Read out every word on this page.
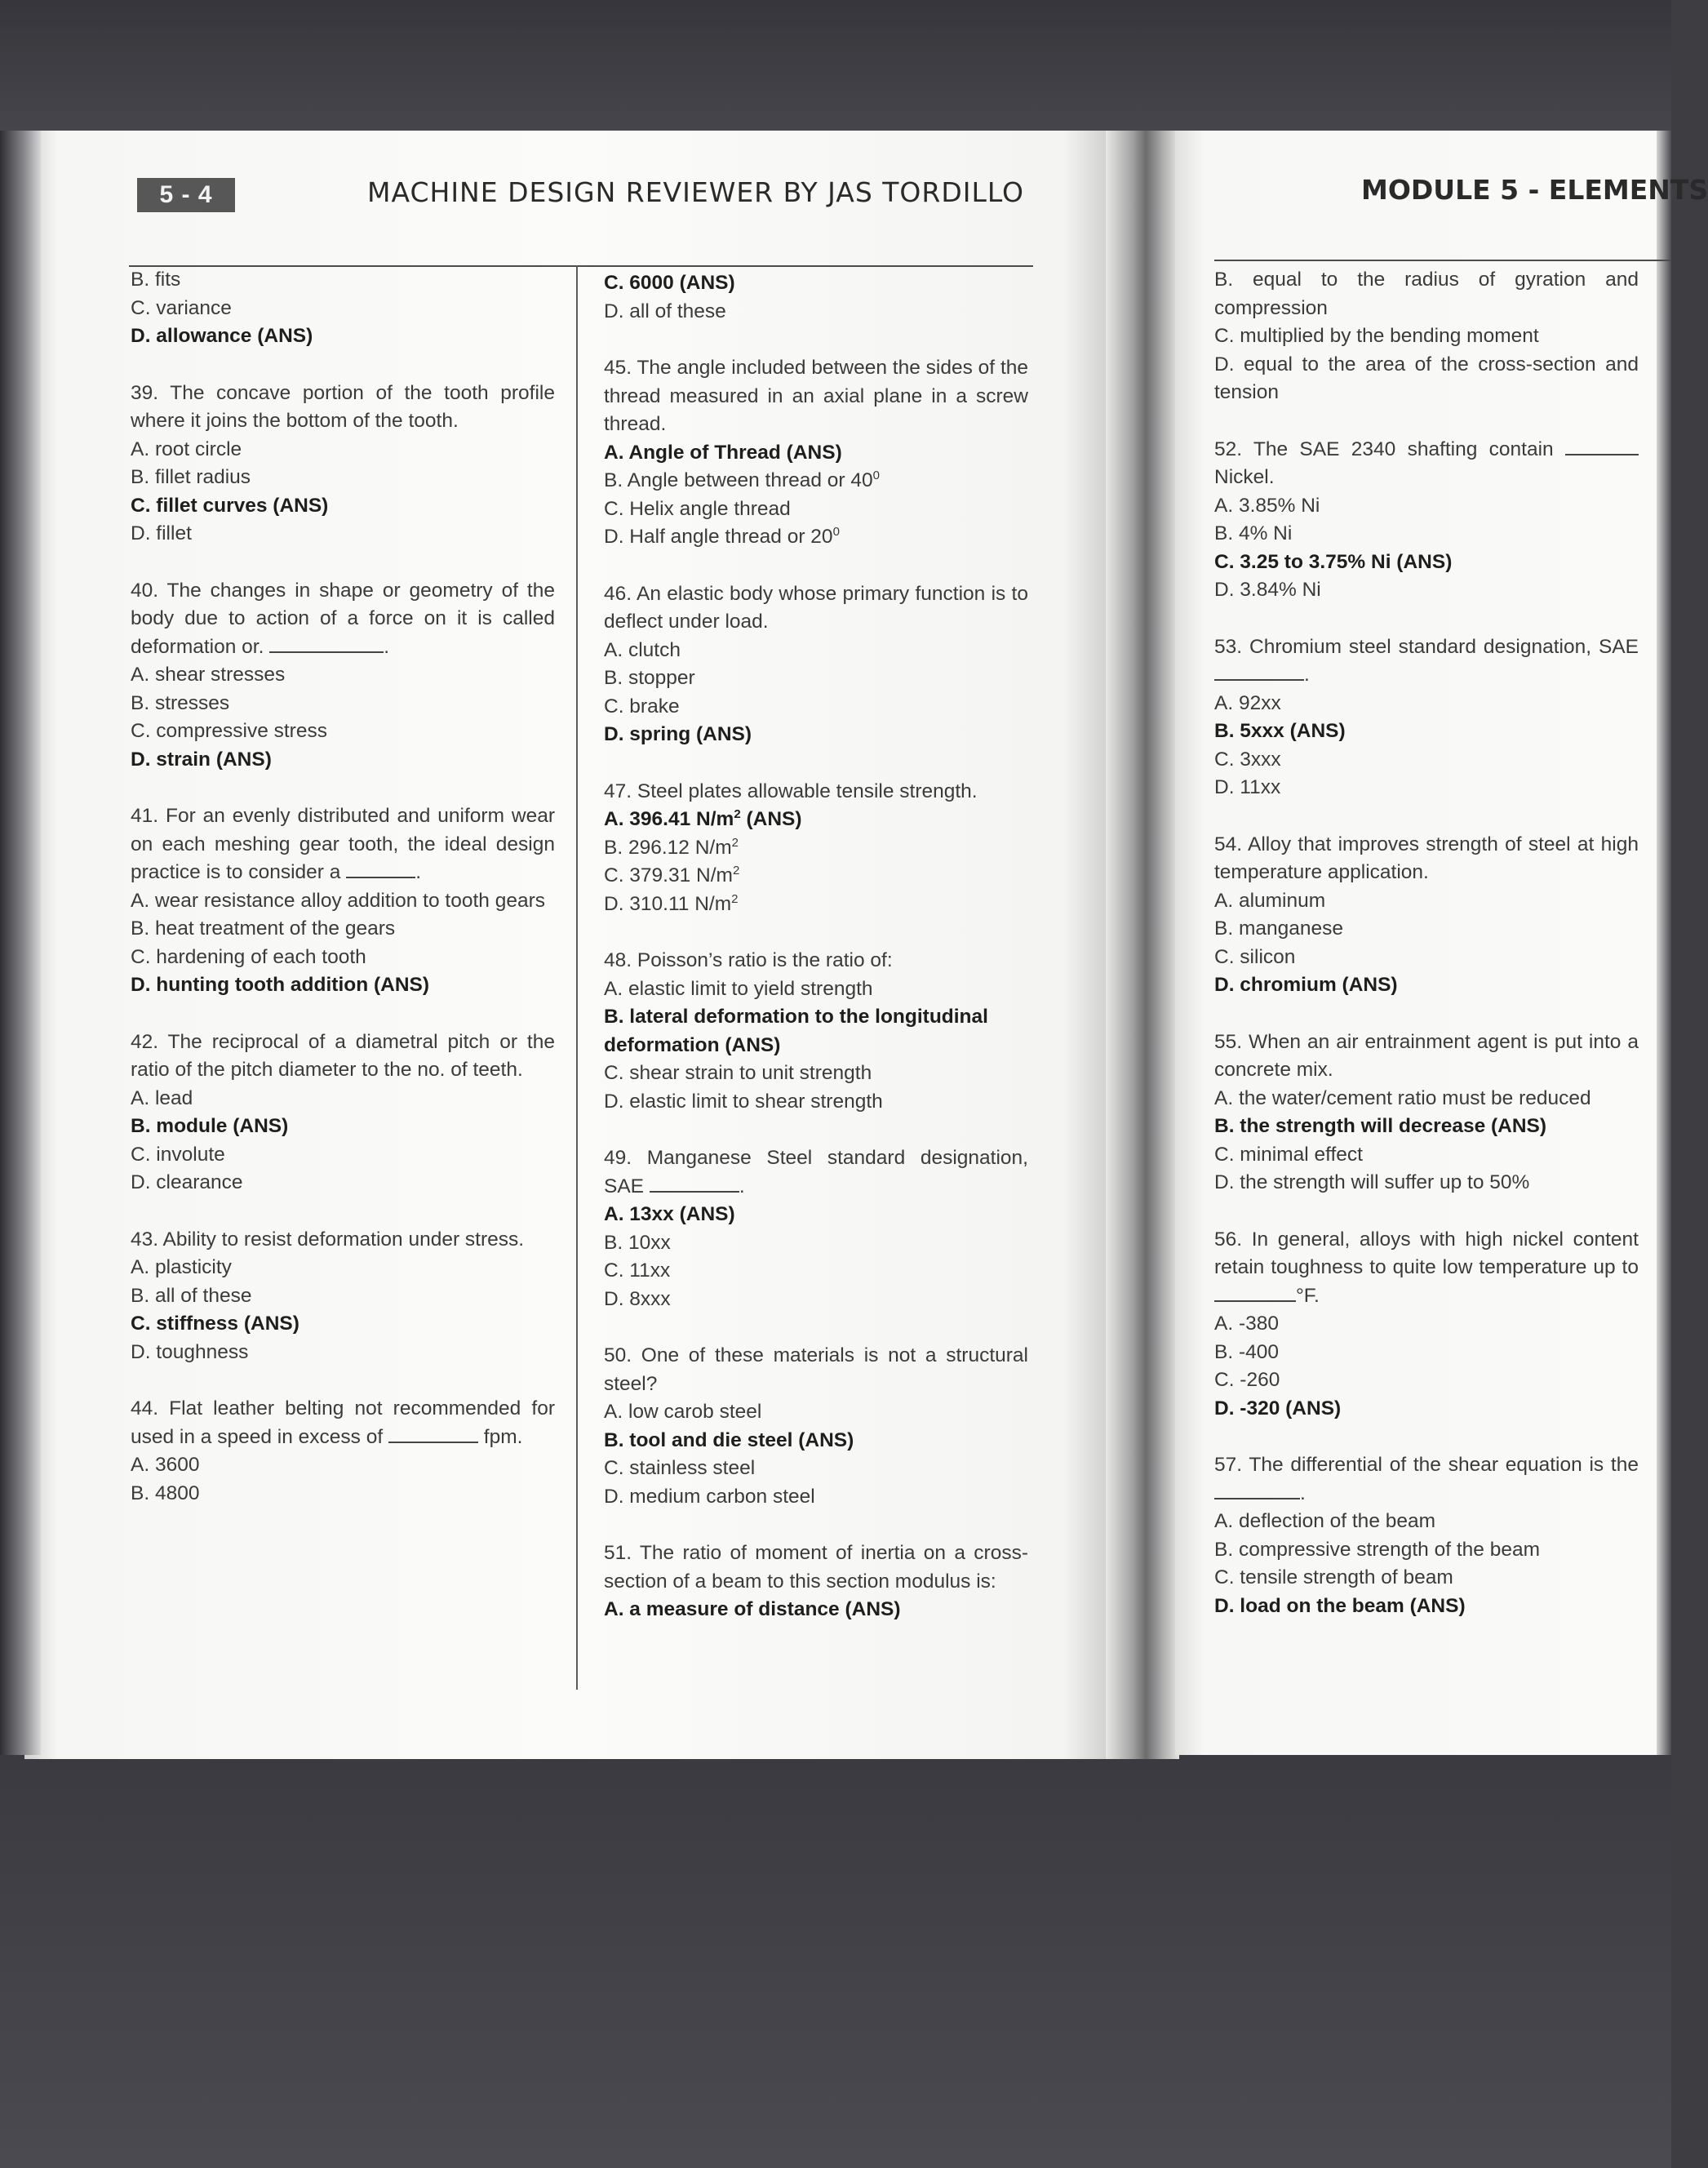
5 - 4	MACHINE DESIGN REVIEWER BY JAS TORDILLO	MODULE 5 - ELEMENTS

B. fits

C. variance

D. allowance (ANS)

39. The concave portion of the tooth profile where it joins the bottom of the tooth.

A. root circle

B. fillet radius

C. fillet curves (ANS)

D. fillet

40. The changes in shape or geometry of the body due to action of a force on it is called deformation or.	.

A. shear stresses

B. stresses

C. compressive stress

D. strain (ANS)

41. For an evenly distributed and uniform wear on each meshing gear tooth, the ideal design practice is to consider a	.

A. wear resistance alloy addition to tooth gears

B. heat treatment of the gears

C. hardening of each tooth

D. hunting tooth addition (ANS)

42. The reciprocal of a diametral pitch or the ratio of the pitch diameter to the no. of teeth.

A. lead

B. module (ANS)

C. involute

D. clearance

43. Ability to resist deformation under stress.

A. plasticity

B. all of these

C. stiffness (ANS)

D. toughness

44. Flat leather belting not recommended for used in a speed in excess of	fpm.

A. 3600

B. 4800

C. 6000 (ANS)

D. all of these

45. The angle included between the sides of the thread measured in an axial plane in a screw thread.

A. Angle of Thread (ANS)

B. Angle between thread or $40^0$

C. Helix angle thread

D. Half angle thread or $20^0$

46. An elastic body whose primary function is to deflect under load.

A. clutch

B. stopper

C. brake

D. spring (ANS)

47. Steel plates allowable tensile strength.

A. 396.41 $N/m^2$ (ANS)

B. 296.12 $N/m^2$

C. 379.31 $N/m^2$

D. 310.11 $N/m^2$

48. Poisson’s ratio is the ratio of:

A. elastic limit to yield strength

B. lateral deformation to the longitudinal deformation (ANS)

C. shear strain to unit strength

D. elastic limit to shear strength

49. Manganese Steel standard designation, SAE	.

A. 13xx (ANS)

B. 10xx

C. 11xx

D. 8xxx

50. One of these materials is not a structural steel?

A. low carob steel

B. tool and die steel (ANS)

C. stainless steel

D. medium carbon steel

51. The ratio of moment of inertia on a cross-section of a beam to this section modulus is:

A. a measure of distance (ANS)

B. equal to the radius of gyration and compression

C. multiplied by the bending moment

D. equal to the area of the cross-section and tension

52. The SAE 2340 shafting contain  Nickel.

A. 3.85% Ni

B. 4% Ni

C. 3.25 to 3.75% Ni (ANS)

D. 3.84% Ni

53. Chromium steel standard designation, SAE .

A. 92xx

B. 5xxx (ANS)

C. 3xxx

D. 11xx

54. Alloy that improves strength of steel at high temperature application.

A. aluminum

B. manganese

C. silicon

D. chromium (ANS)

55. When an air entrainment agent is put into a concrete mix.

A. the water/cement ratio must be reduced

B. the strength will decrease (ANS)

C. minimal effect

D. the strength will suffer up to 50%

56. In general, alloys with high nickel content retain toughness to quite low temperature up to °F.

A. -380

B. -400

C. -260

D. -320 (ANS)

57. The differential of the shear equation is the .

A. deflection of the beam

B. compressive strength of the beam

C. tensile strength of beam

D. load on the beam (ANS)
